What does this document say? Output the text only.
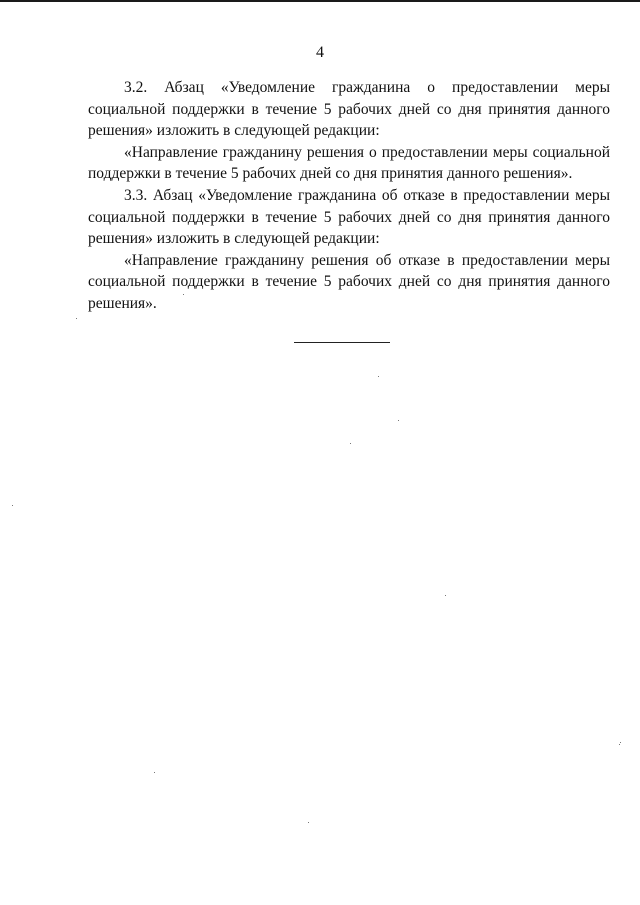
4

3.2. Абзац «Уведомление гражданина о предоставлении меры социальной поддержки в течение 5 рабочих дней со дня принятия данного решения» изложить в следующей редакции:

«Направление гражданину решения о предоставлении меры социальной поддержки в течение 5 рабочих дней со дня принятия данного решения».

3.3. Абзац «Уведомление гражданина об отказе в предоставлении меры социальной поддержки в течение 5 рабочих дней со дня принятия данного решения» изложить в следующей редакции:

«Направление гражданину решения об отказе в предоставлении меры социальной поддержки в течение 5 рабочих дней со дня принятия данного решения».
